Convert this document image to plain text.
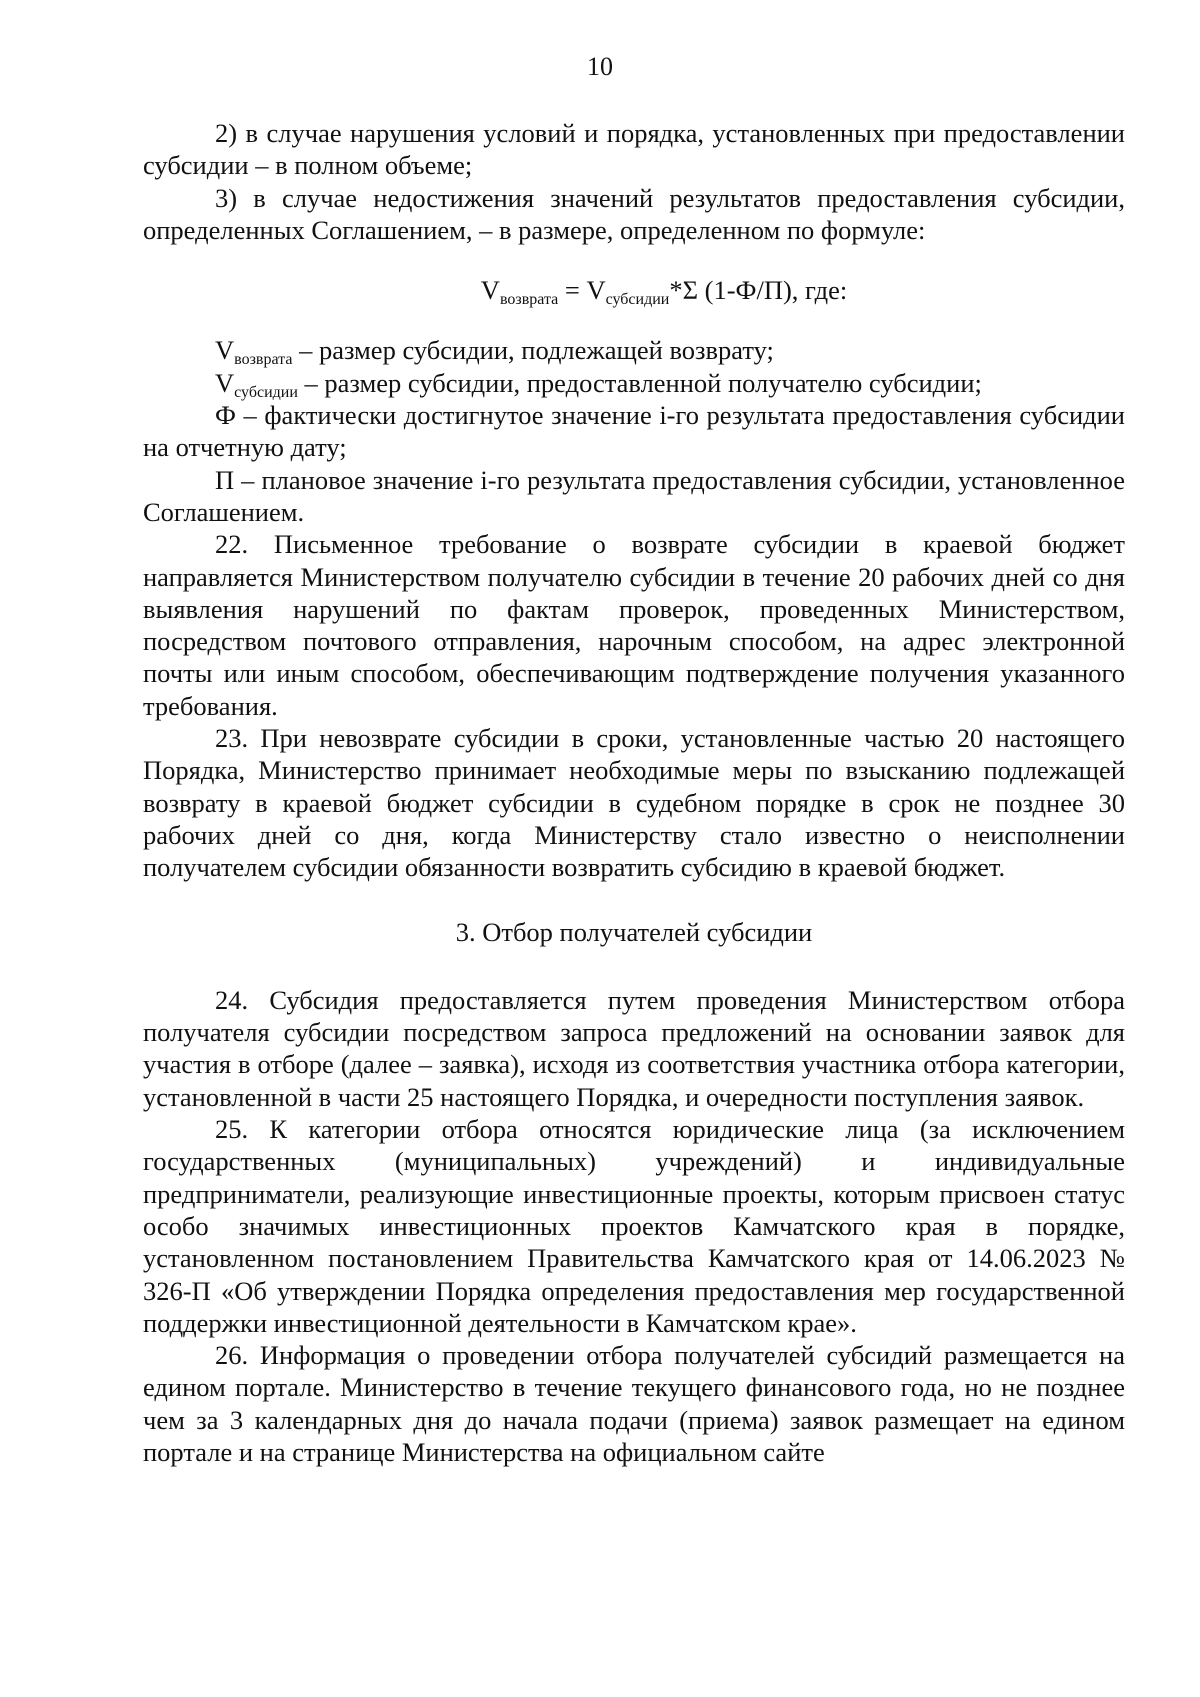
10

2) в случае нарушения условий и порядка, установленных при предоставлении субсидии – в полном объеме;

3) в случае недостижения значений результатов предоставления субсидии, определенных Соглашением, – в размере, определенном по формуле:

$V_{возврата} = V_{субсидии}*\Sigma$ (1-Ф/П), где:

$V_{возврата}$ – размер субсидии, подлежащей возврату;

$V_{субсидии}$ – размер субсидии, предоставленной получателю субсидии;

Ф – фактически достигнутое значение i-го результата предоставления субсидии на отчетную дату;

П – плановое значение i-го результата предоставления субсидии, установленное Соглашением.

22. Письменное требование о возврате субсидии в краевой бюджет направляется Министерством получателю субсидии в течение 20 рабочих дней со дня выявления нарушений по фактам проверок, проведенных Министерством, посредством почтового отправления, нарочным способом, на адрес электронной почты или иным способом, обеспечивающим подтверждение получения указанного требования.

23. При невозврате субсидии в сроки, установленные частью 20 настоящего Порядка, Министерство принимает необходимые меры по взысканию подлежащей возврату в краевой бюджет субсидии в судебном порядке в срок не позднее 30 рабочих дней со дня, когда Министерству стало известно о неисполнении получателем субсидии обязанности возвратить субсидию в краевой бюджет.

3. Отбор получателей субсидии

24. Субсидия предоставляется путем проведения Министерством отбора получателя субсидии посредством запроса предложений на основании заявок для участия в отборе (далее – заявка), исходя из соответствия участника отбора категории, установленной в части 25 настоящего Порядка, и очередности поступления заявок.

25. К категории отбора относятся юридические лица (за исключением государственных (муниципальных) учреждений) и индивидуальные предприниматели, реализующие инвестиционные проекты, которым присвоен статус особо значимых инвестиционных проектов Камчатского края в порядке, установленном постановлением Правительства Камчатского края от 14.06.2023 № 326-П «Об утверждении Порядка определения предоставления мер государственной поддержки инвестиционной деятельности в Камчатском крае».

26. Информация о проведении отбора получателей субсидий размещается на едином портале. Министерство в течение текущего финансового года, но не позднее чем за 3 календарных дня до начала подачи (приема) заявок размещает на едином портале и на странице Министерства на официальном сайте
